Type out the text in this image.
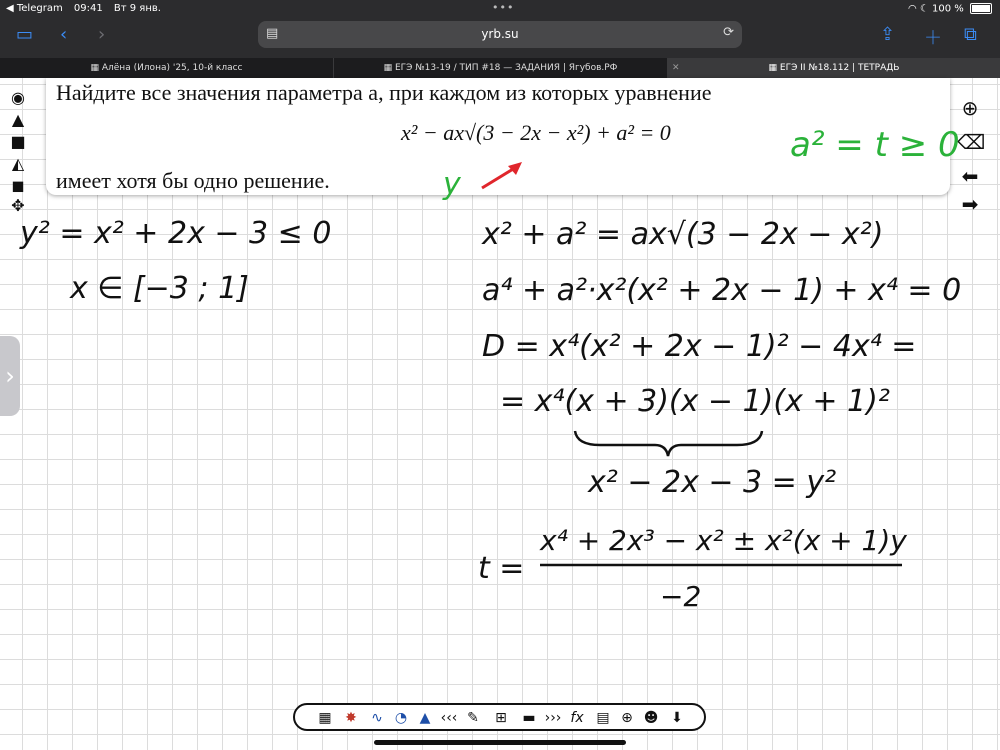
◀ Telegram 09:41 Вт 9 янв.	•••	◠ ☾ 100 %
▭ ‹ ›	▤	yrb.su	⟳	⇪ ＋ ⧉
▦ Алёна (Илона) '25, 10-й класс	▦ ЕГЭ №13-19 / ТИП #18 — ЗАДАНИЯ | Ягубов.РФ	✕	▦ ЕГЭ II №18.112 | ТЕТРАДЬ
Найдите все значения параметра a, при каждом из которых уравнение
x² − ax√(3 − 2x − x²) + a² = 0
имеет хотя бы одно решение.
◉
▲
■
◭
◼
✥
⊕
⌫
⬅
➡
›
a² = t ≥ 0
y
y² = x² + 2x − 3 ≤ 0
x ∈ [−3 ; 1]
x² + a² = ax√(3 − 2x − x²)
a⁴ + a²·x²(x² + 2x − 1) + x⁴ = 0
D = x⁴(x² + 2x − 1)² − 4x⁴ =
= x⁴(x + 3)(x − 1)(x + 1)²
x² − 2x − 3 = y²
t =
x⁴ + 2x³ − x² ± x²(x + 1)y
−2
▦ ✸ ∿ ◔ ▲ ‹‹‹ ✎ ⊞ ▬ ››› fx ▤ ⊕ ☻ ⬇
